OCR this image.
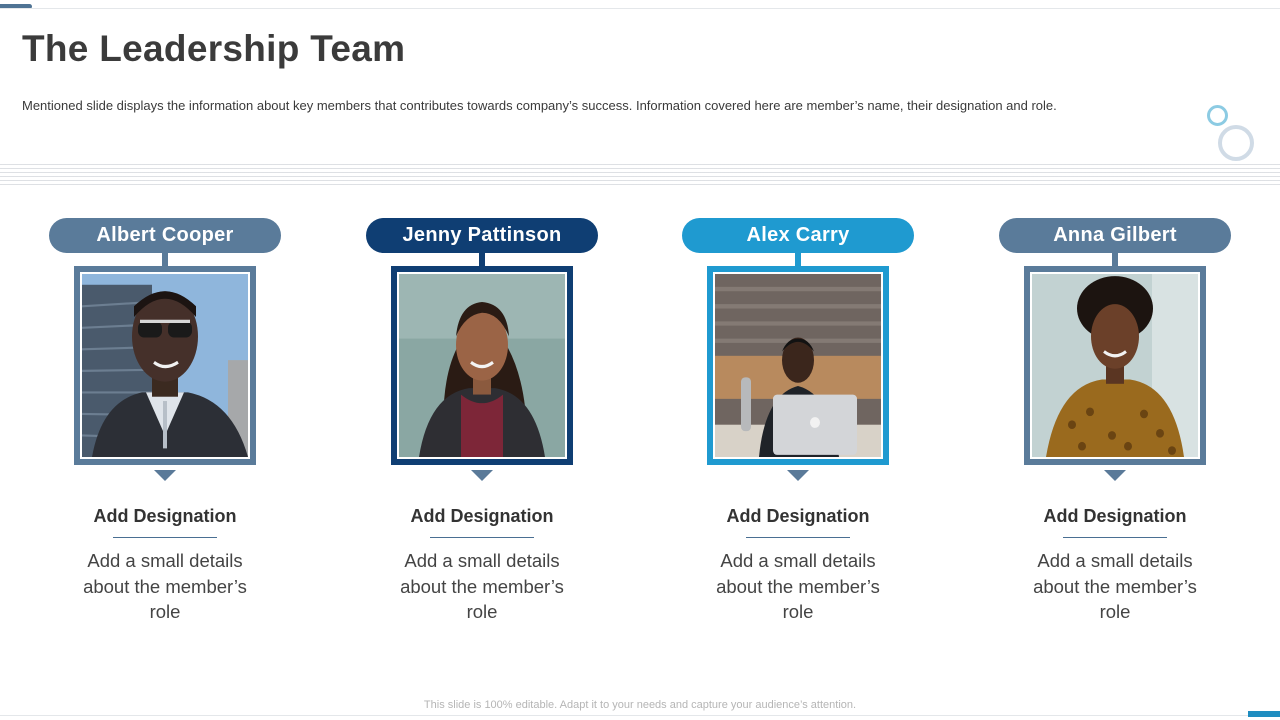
The Leadership Team

Mentioned slide displays the information about key members that contributes towards company’s success. Information covered here are member’s name, their designation and role.

Albert Cooper
Add Designation
Add a small details about the member’s role
Jenny Pattinson
Add Designation
Add a small details about the member’s role
Alex Carry
Add Designation
Add a small details about the member’s role
Anna Gilbert
Add Designation
Add a small details about the member’s role
This slide is 100% editable. Adapt it to your needs and capture your audience’s attention.
